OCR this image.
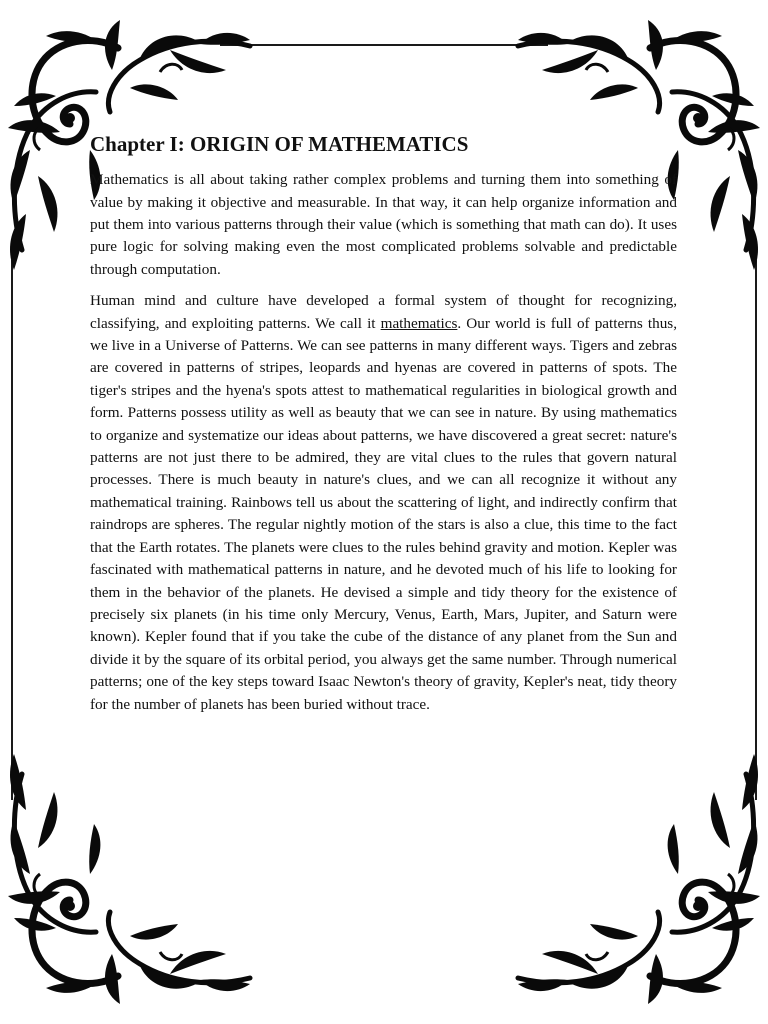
Chapter I: ORIGIN OF MATHEMATICS

Mathematics is all about taking rather complex problems and turning them into something of value by making it objective and measurable. In that way, it can help organize information and put them into various patterns through their value (which is something that math can do). It uses pure logic for solving making even the most complicated problems solvable and predictable through computation.

Human mind and culture have developed a formal system of thought for recognizing, classifying, and exploiting patterns. We call it mathematics. Our world is full of patterns thus, we live in a Universe of Patterns. We can see patterns in many different ways. Tigers and zebras are covered in patterns of stripes, leopards and hyenas are covered in patterns of spots. The tiger's stripes and the hyena's spots attest to mathematical regularities in biological growth and form. Patterns possess utility as well as beauty that we can see in nature. By using mathematics to organize and systematize our ideas about patterns, we have discovered a great secret: nature's patterns are not just there to be admired, they are vital clues to the rules that govern natural processes. There is much beauty in nature's clues, and we can all recognize it without any mathematical training. Rainbows tell us about the scattering of light, and indirectly confirm that raindrops are spheres. The regular nightly motion of the stars is also a clue, this time to the fact that the Earth rotates. The planets were clues to the rules behind gravity and motion. Kepler was fascinated with mathematical patterns in nature, and he devoted much of his life to looking for them in the behavior of the planets. He devised a simple and tidy theory for the existence of precisely six planets (in his time only Mercury, Venus, Earth, Mars, Jupiter, and Saturn were known). Kepler found that if you take the cube of the distance of any planet from the Sun and divide it by the square of its orbital period, you always get the same number. Through numerical patterns; one of the key steps toward Isaac Newton's theory of gravity, Kepler's neat, tidy theory for the number of planets has been buried without trace.
